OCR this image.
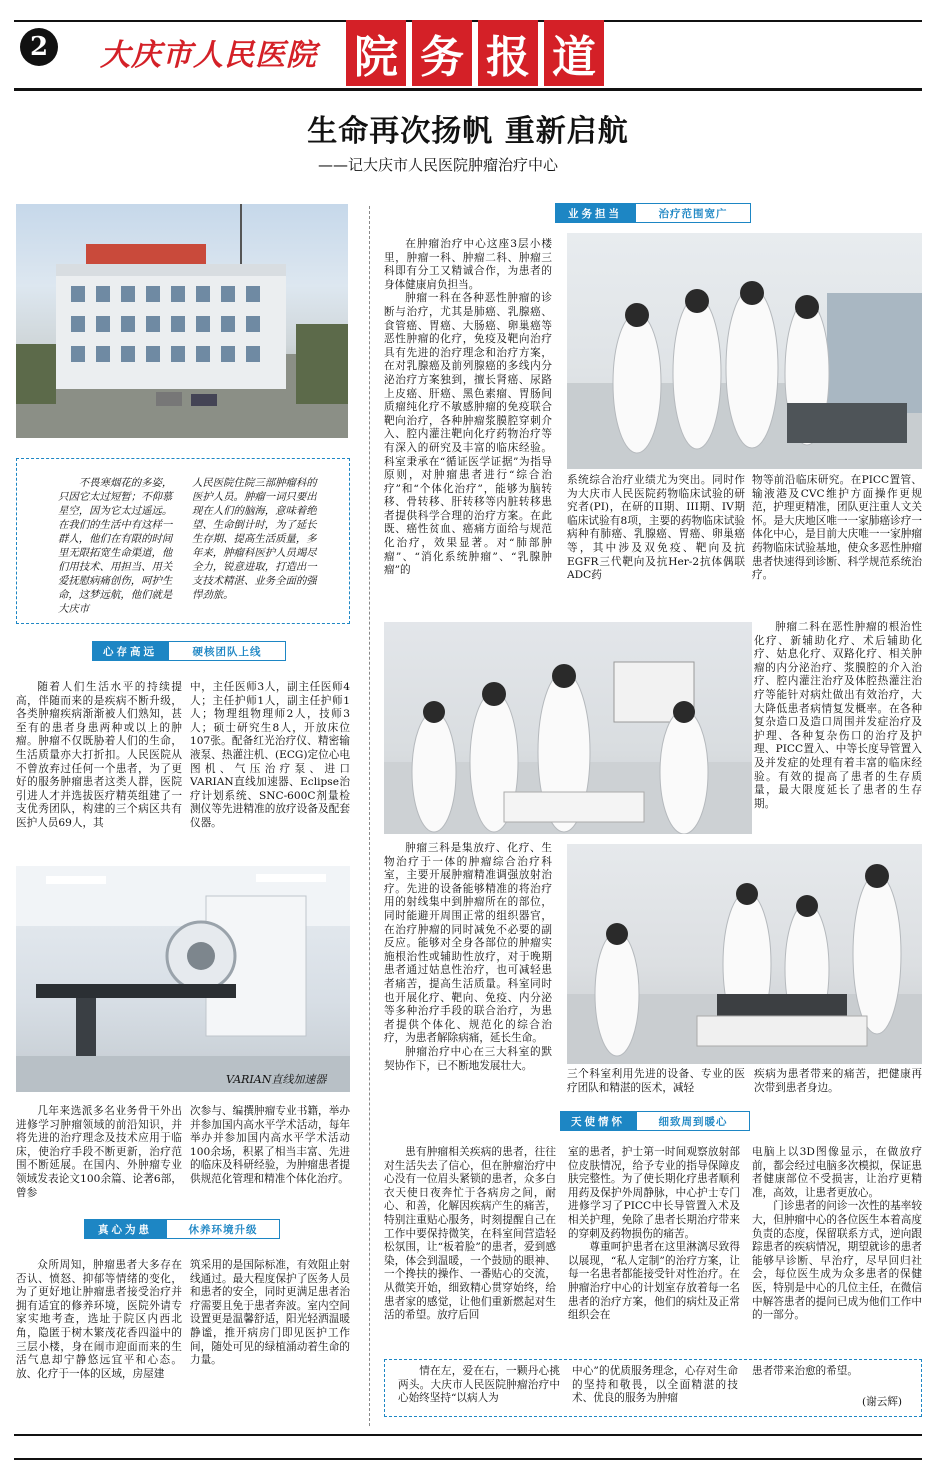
2 大庆市人民医院 院 务 报 道
生命再次扬帆 重新启航
——记大庆市人民医院肿瘤治疗中心
不畏寒烟花的多姿，只因它太过短暂；不仰慕星空，因为它太过遥远。在我们的生活中有这样一群人，他们在有限的时间里无限拓宽生命渠道，他们用技术、用担当、用关爱抚慰病痛创伤，呵护生命，这梦远航，他们就是大庆市
人民医院住院三部肿瘤科的医护人员。肿瘤一词只要出现在人们的脑海，意味着绝望、生命倒计时，为了延长生存期、提高生活质量，多年来，肿瘤科医护人员竭尽全力，锐意进取，打造出一支技术精湛、业务全面的强悍劲旅。
心存高远	硬核团队上线
随着人们生活水平的持续提高，伴随而来的是疾病不断升级，各类肿瘤疾病渐渐被人们熟知，甚至有的患者身患两种或以上的肿瘤。肿瘤不仅既胁着人们的生命，生活质量亦大打折扣。人民医院从不曾放弃过任何一个患者，为了更好的服务肿瘤患者这类人群，医院引进人才并选拔医疗精英组建了一支优秀团队，构建的三个病区共有医护人员69人，其
中，主任医师3人，副主任医师4人；主任护师1人，副主任护师1人；物理组物理师2人，技师3人；硕士研究生8人，开放床位107张。配备红光治疗仪、精密输液泵、热灌注机、(ECG)定位心电图机、气压治疗泵、进口VARIAN直线加速器、Eclipse治疗计划系统、SNC-600C剂量检测仪等先进精准的放疗设备及配套仪器。
VARIAN直线加速器
几年来选派多名业务骨干外出进修学习肿瘤领域的前沿知识，并将先进的治疗理念及技术应用于临床，使治疗手段不断更新，治疗范围不断延展。在国内、外肿瘤专业领域发表论文100余篇、论著6部，曾参
次参与、编撰肿瘤专业书籍，举办并参加国内高水平学术活动，每年举办并参加国内高水平学术活动100余场，积累了相当丰富、先进的临床及科研经验，为肿瘤患者提供规范化管理和精准个体化治疗。
真心为患	休养环境升级
众所周知，肿瘤患者大多存在否认、愤怒、抑郁等情绪的变化，为了更好地让肿瘤患者接受治疗并拥有适宜的修养环境，医院外请专家实地考查，选址于院区内西北角，隐匿于树木繁茂花香四溢中的三层小楼，身在闹市迎面而来的生活气息却宁静悠远宜平和心态。放、化疗于一体的区域，房屋建
筑采用的是国际标准，有效阻止射线通过。最大程度保护了医务人员和患者的安全，同时更满足患者治疗需要且免于患者奔波。室内空间设置更是温馨舒适，阳光轻洒温暖静谧，推开病房门即见医护工作间，随处可见的绿植涌动着生命的力量。
业务担当	治疗范围宽广
在肿瘤治疗中心这座3层小楼里，肿瘤一科、肿瘤二科、肿瘤三科即有分工又精诚合作，为患者的身体健康肩负担当。
肿瘤一科在各种恶性肿瘤的诊断与治疗，尤其是肺癌、乳腺癌、食管癌、胃癌、大肠癌、卵巢癌等恶性肿瘤的化疗，免疫及靶向治疗具有先进的治疗理念和治疗方案，在对乳腺癌及前列腺癌的多线内分泌治疗方案独到，擅长肾癌、尿路上皮癌、肝癌、黑色素瘤、胃肠间质瘤纯化疗不敏感肿瘤的免疫联合靶向治疗，各种肿瘤浆膜腔穿刺介入、腔内灌注靶向化疗药物治疗等有深入的研究及丰富的临床经验。科室秉承在“循证医学证据”为指导原则，对肿瘤患者进行“综合治疗”和“个体化治疗”，能够为脑转移、骨转移、肝转移等内脏转移患者提供科学合理的治疗方案。在此既、癌性贫血、癌痛方面给与规范化治疗，效果显著。对“肺部肿瘤”、“消化系统肿瘤”、“乳腺肿瘤”的
系统综合治疗业绩尤为突出。同时作为大庆市人民医院药物临床试验的研究者(PI)，在研的II期、III期、IV期临床试验有8项，主要的药物临床试验病种有肺癌、乳腺癌、胃癌、卵巢癌等，其中涉及双免疫、靶向及抗EGFR三代靶向及抗Her-2抗体偶联ADC药
物等前沿临床研究。在PICC置管、输液港及CVC维护方面操作更规范，护理更精准，团队更注重人文关怀。是大庆地区唯一一家肺癌诊疗一体化中心，是目前大庆唯一一家肿瘤药物临床试验基地，使众多恶性肿瘤患者快速得到诊断、科学规范系统治疗。
肿瘤二科在恶性肿瘤的根治性化疗、新辅助化疗、术后辅助化疗、姑息化疗、双路化疗、相关肿瘤的内分泌治疗、浆膜腔的介入治疗、腔内灌注治疗及体腔热灌注治疗等能针对病灶做出有效治疗，大大降低患者病情复发概率。在各种复杂造口及造口周围并发症治疗及护理、各种复杂伤口的治疗及护理、PICC置入、中等长度导管置入及并发症的处理有着丰富的临床经验。有效的提高了患者的生存质量，最大限度延长了患者的生存期。
肿瘤三科是集放疗、化疗、生物治疗于一体的肿瘤综合治疗科室，主要开展肿瘤精准调强放射治疗。先进的设备能够精准的将治疗用的射线集中到肿瘤所在的部位，同时能避开周围正常的组织器官，在治疗肿瘤的同时减免不必要的副反应。能够对全身各部位的肿瘤实施根治性或辅助性放疗，对于晚期患者通过姑息性治疗，也可减轻患者痛苦，提高生活质量。科室同时也开展化疗、靶向、免疫、内分泌等多种治疗手段的联合治疗，为患者提供个体化、规范化的综合治疗，为患者解除病痛，延长生命。
肿瘤治疗中心在三大科室的默契协作下，已不断地发展壮大。
三个科室利用先进的设备、专业的医疗团队和精湛的医术，减轻
疾病为患者带来的痛苦，把健康再次带到患者身边。
天使情怀	细致周到暖心
患有肿瘤相关疾病的患者，往往对生活失去了信心，但在肿瘤治疗中心没有一位眉头紧锁的患者，众多白衣天使日夜奔忙于各病房之间，耐心、和善，化解因疾病产生的痛苦，特别注重贴心服务，时刻提醒自己在工作中要保持微笑，在科室间营造轻松氛围，让“板着脸”的患者，爱到感染，体会到温暖，一个鼓励的眼神、一个搀扶的操作、一番贴心的交流，从微笑开始，细致精心贯穿始终，给患者家的感觉，让他们重新燃起对生活的希望。放疗后回
室的患者，护士第一时间观察放射部位皮肤情况，给予专业的指导保障皮肤完整性。为了使长期化疗患者顺利用药及保护外周静脉，中心护士专门进修学习了PICC中长导管置入术及相关护理，免除了患者长期治疗带来的穿刺及药物损伤的痛苦。
尊重呵护患者在这里淋漓尽致得以展现，“私人定制”的治疗方案，让每一名患者都能接受针对性治疗。在肿瘤治疗中心的计划室存放着每一名患者的治疗方案，他们的病灶及正常组织会在
电脑上以3D图像显示，在做放疗前，都会经过电脑多次模拟，保证患者健康部位不受损害，让治疗更精准，高效，让患者更放心。
门诊患者的问诊一次性的基率较大，但肿瘤中心的各位医生本着高度负责的态度，保留联系方式，逆向跟踪患者的疾病情况，期望就诊的患者能够早诊断、早治疗，尽早回归社会，每位医生成为众多患者的保健医，特别是中心的几位主任，在微信中解答患者的提问已成为他们工作中的一部分。
情在左，爱在右，一颗丹心挑两头。大庆市人民医院肿瘤治疗中心始终坚持“以病人为
中心”的优质服务理念，心存对生命的坚持和敬畏，以全面精湛的技术、优良的服务为肿瘤
患者带来治愈的希望。
(谢云辉)
